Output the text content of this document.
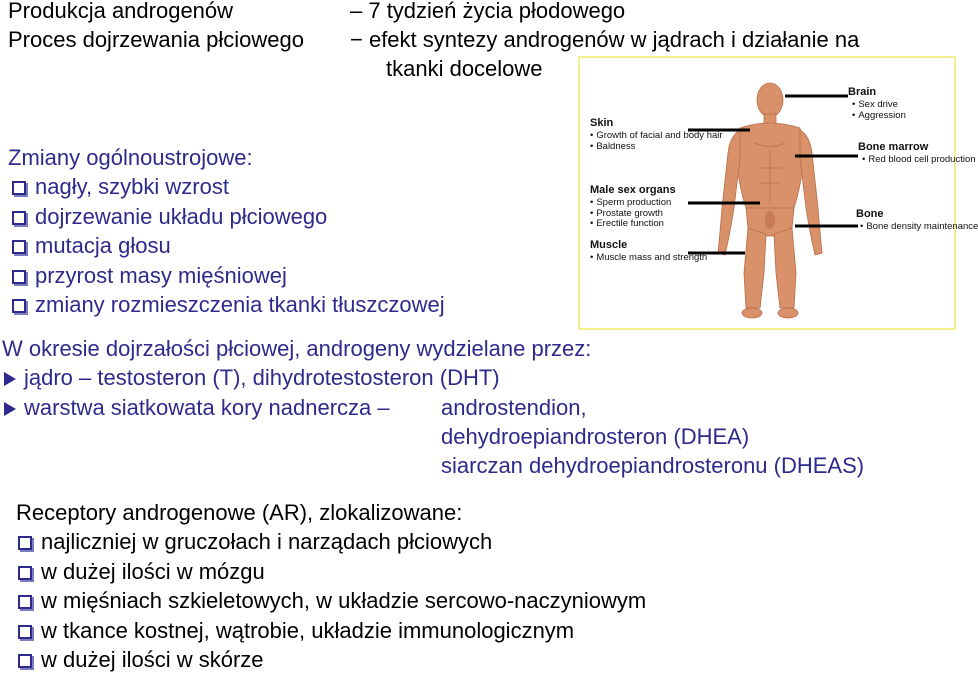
Produkcja androgenów	– 7 tydzień życia płodowego
Proces dojrzewania płciowego − efekt syntezy androgenów w jądrach i działanie na
tkanki docelowe
Skin
• Growth of facial and body hair
• Baldness
Male sex organs
• Sperm production
• Prostate growth
• Erectile function
Muscle
• Muscle mass and strength
Brain
• Sex drive
• Aggression
Bone marrow
• Red blood cell production
Bone
• Bone density maintenance
Zmiany ogólnoustrojowe:
nagły, szybki wzrost
dojrzewanie układu płciowego
mutacja głosu
przyrost masy mięśniowej
zmiany rozmieszczenia tkanki tłuszczowej
W okresie dojrzałości płciowej, androgeny wydzielane przez:
jądro – testosteron (T), dihydrotestosteron (DHT)
warstwa siatkowata kory nadnercza – androstendion,
dehydroepiandrosteron (DHEA)
siarczan dehydroepiandrosteronu (DHEAS)
Receptory androgenowe (AR), zlokalizowane:
najliczniej w gruczołach i narządach płciowych
w dużej ilości w mózgu
w mięśniach szkieletowych, w układzie sercowo-naczyniowym
w tkance kostnej, wątrobie, układzie immunologicznym
w dużej ilości w skórze
